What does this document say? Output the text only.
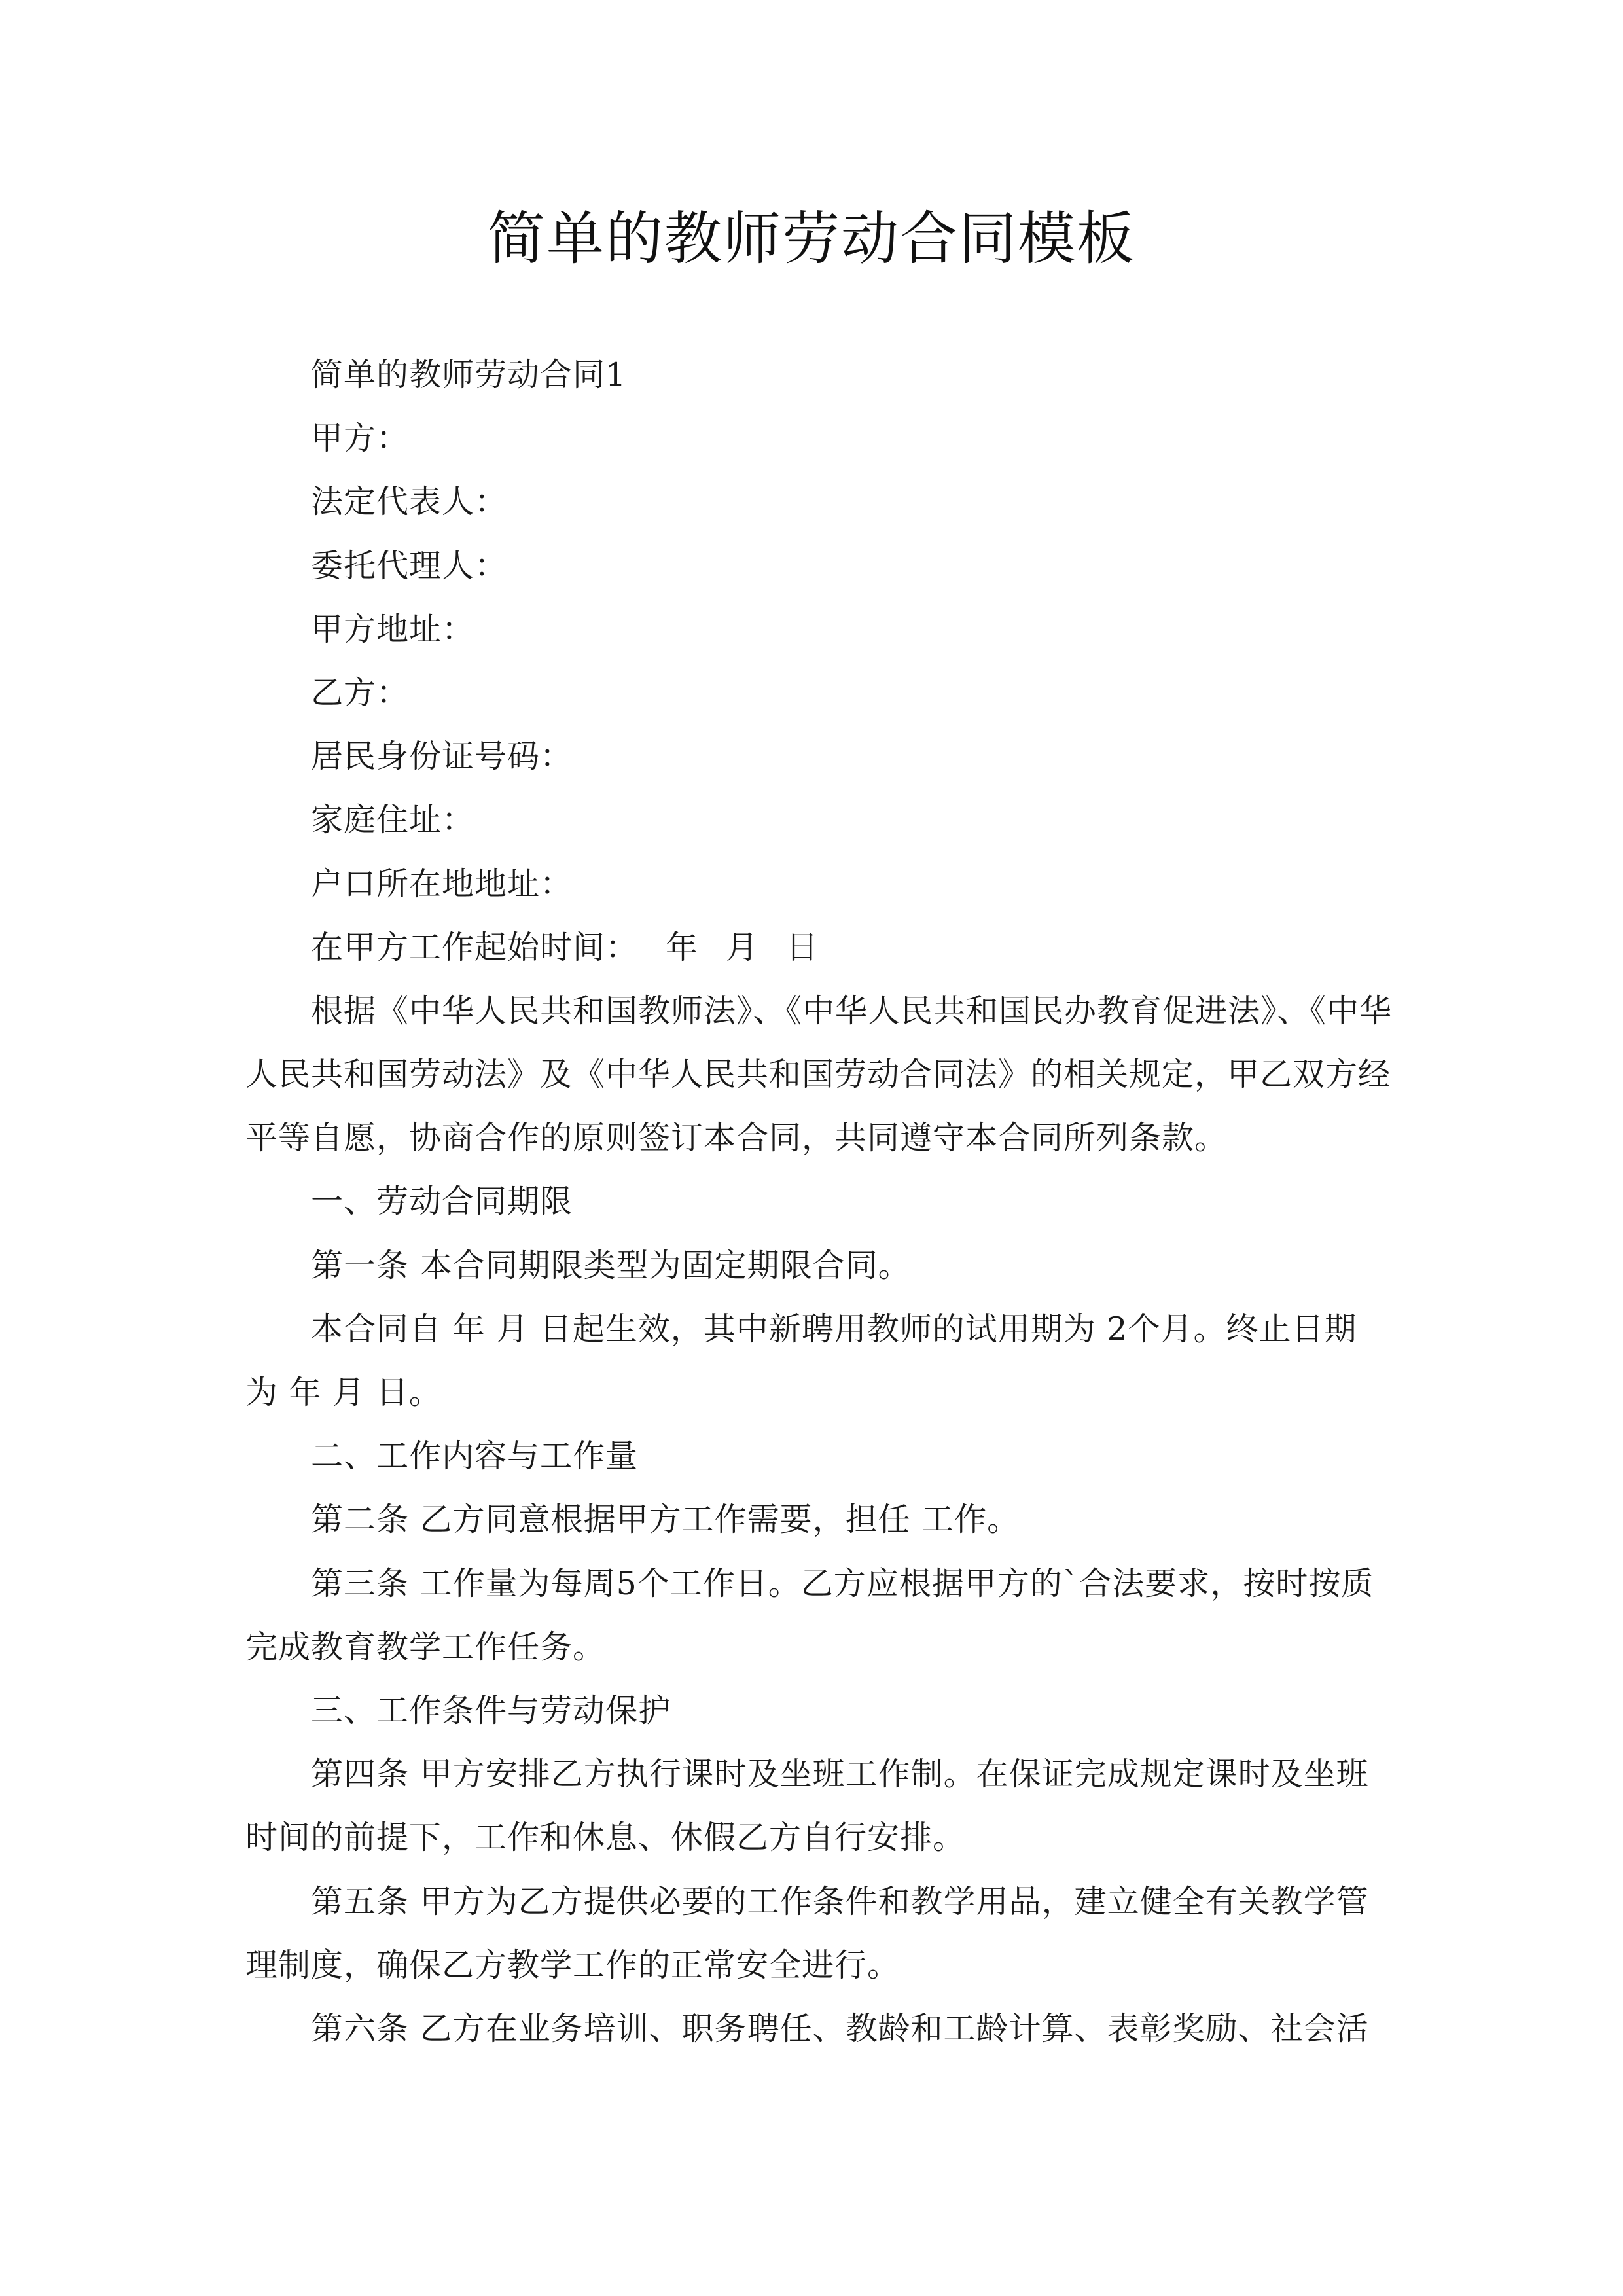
简单的教师劳动合同模板

简单的教师劳动合同1

甲方：

法定代表人：

委托代理人：

甲方地址：

乙方：

居民身份证号码：

家庭住址：

户口所在地地址：

在甲方工作起始时间： 年 月 日

根据《中华人民共和国教师法》、《中华人民共和国民办教育促进法》、《中华

人民共和国劳动法》及《中华人民共和国劳动合同法》的相关规定，甲乙双方经

平等自愿，协商合作的原则签订本合同，共同遵守本合同所列条款。

一、劳动合同期限

第一条 本合同期限类型为固定期限合同。

本合同自 年 月 日起生效，其中新聘用教师的试用期为 2个月。终止日期

为 年 月 日。

二、工作内容与工作量

第二条 乙方同意根据甲方工作需要，担任 工作。

第三条 工作量为每周5个工作日。乙方应根据甲方的`合法要求，按时按质

完成教育教学工作任务。

三、工作条件与劳动保护

第四条 甲方安排乙方执行课时及坐班工作制。在保证完成规定课时及坐班

时间的前提下，工作和休息、休假乙方自行安排。

第五条 甲方为乙方提供必要的工作条件和教学用品，建立健全有关教学管

理制度，确保乙方教学工作的正常安全进行。

第六条 乙方在业务培训、职务聘任、教龄和工龄计算、表彰奖励、社会活
